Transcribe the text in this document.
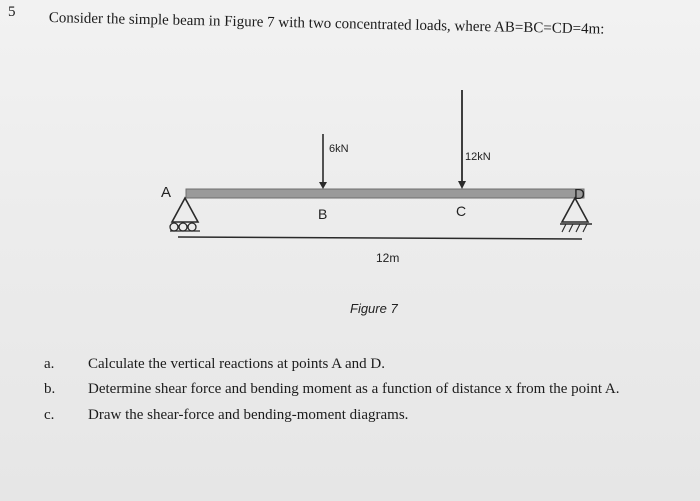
5 Consider the simple beam in Figure 7 with two concentrated loads, where AB=BC=CD=4m:
A
B	C
D
6kN
12kN
12m
Figure 7
a. Calculate the vertical reactions at points A and D.
b. Determine shear force and bending moment as a function of distance x from the point A.
c. Draw the shear-force and bending-moment diagrams.
